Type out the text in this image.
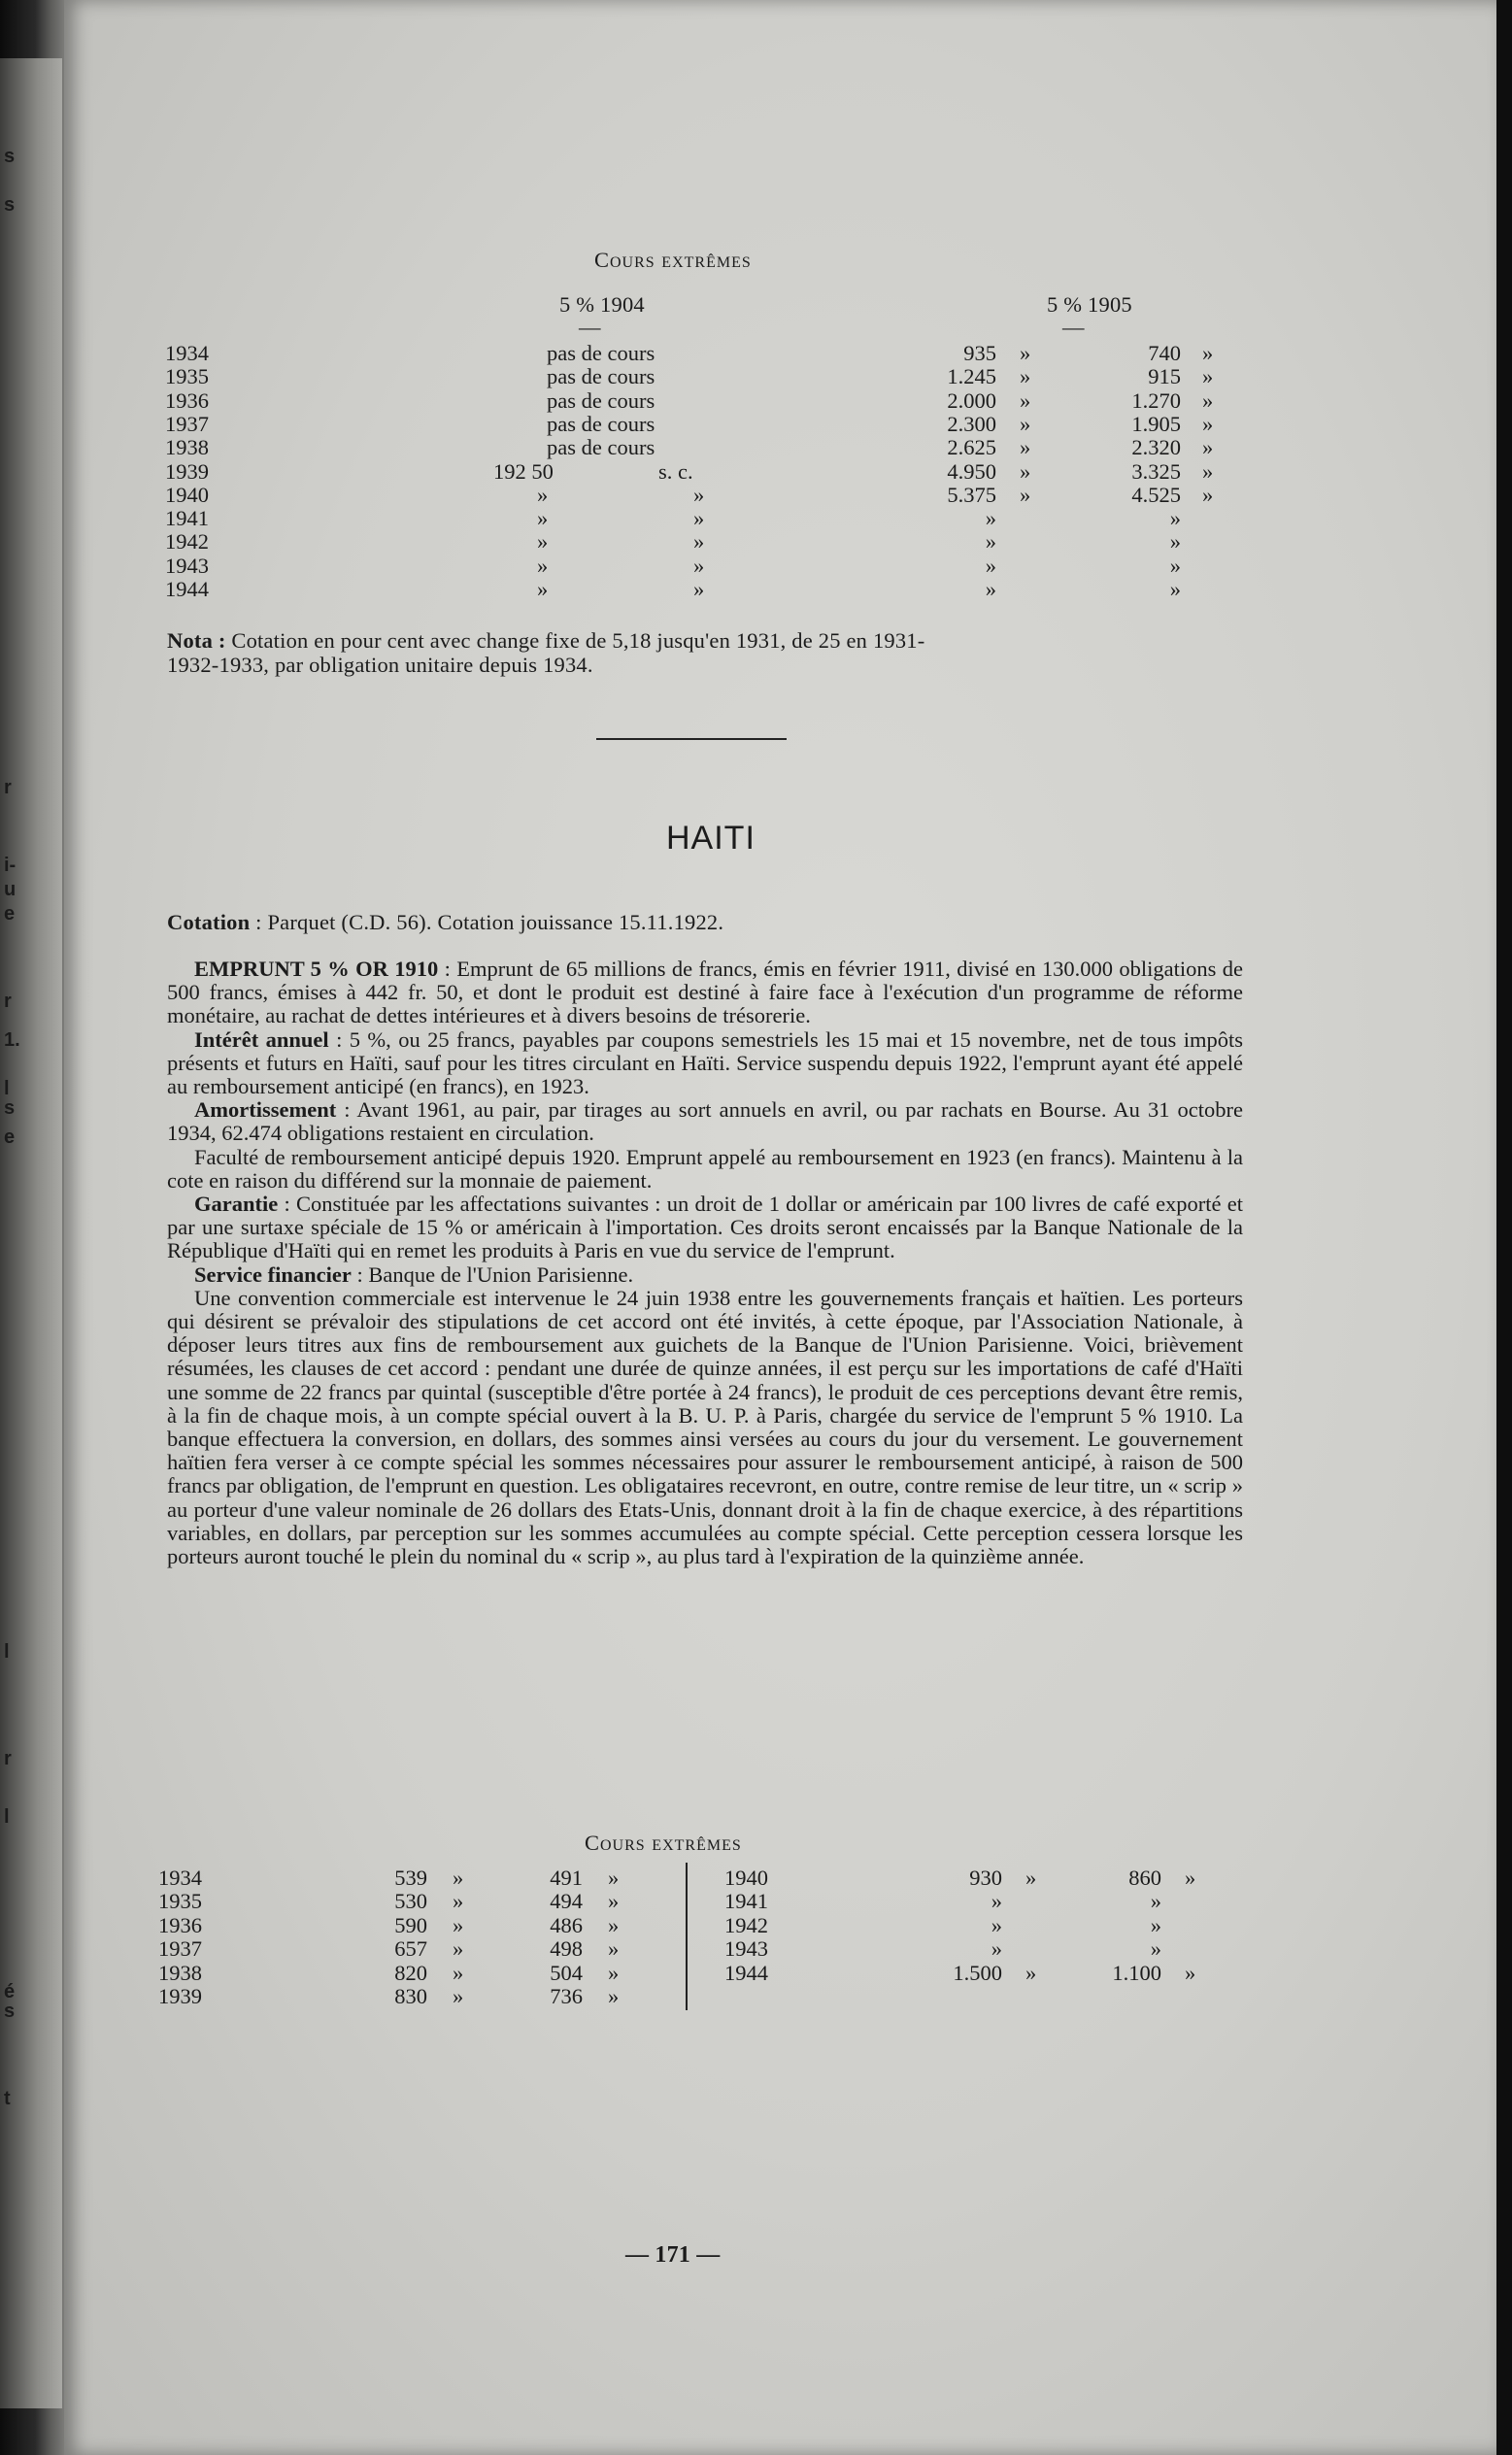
s
s
r
i-
u
e
r
1.
l
s
e
l
r
l
é
s
t
Cours extrêmes
5 % 1904	5 % 1905
—	—
1934	pas de cours	935 »	740 »
1935	pas de cours	1.245 »	915 »
1936	pas de cours	2.000 »	1.270 »
1937	pas de cours	2.300 »	1.905 »
1938	pas de cours	2.625 »	2.320 »
1939	192 50	s. c.	4.950 »	3.325 »
1940	»	»	5.375 »	4.525 »
1941	»	»	»	»
1942	»	»	»	»
1943	»	»	»	»
1944	»	»	»	»
Nota : Cotation en pour cent avec change fixe de 5,18 jusqu'en 1931, de 25 en 1931-
1932-1933, par obligation unitaire depuis 1934.
HAITI
Cotation : Parquet (C.D. 56). Cotation jouissance 15.11.1922.

EMPRUNT 5 % OR 1910 : Emprunt de 65 millions de francs, émis en février 1911, divisé en 130.000 obligations de 500 francs, émises à 442 fr. 50, et dont le produit est destiné à faire face à l'exécution d'un programme de réforme monétaire, au rachat de dettes intérieures et à divers besoins de trésorerie.

Intérêt annuel : 5 %, ou 25 francs, payables par coupons semestriels les 15 mai et 15 novembre, net de tous impôts présents et futurs en Haïti, sauf pour les titres circulant en Haïti. Service suspendu depuis 1922, l'emprunt ayant été appelé au remboursement anticipé (en francs), en 1923.

Amortissement : Avant 1961, au pair, par tirages au sort annuels en avril, ou par rachats en Bourse. Au 31 octobre 1934, 62.474 obligations restaient en circulation.

Faculté de remboursement anticipé depuis 1920. Emprunt appelé au remboursement en 1923 (en francs). Maintenu à la cote en raison du différend sur la monnaie de paiement.

Garantie : Constituée par les affectations suivantes : un droit de 1 dollar or américain par 100 livres de café exporté et par une surtaxe spéciale de 15 % or américain à l'importation. Ces droits seront encaissés par la Banque Nationale de la République d'Haïti qui en remet les produits à Paris en vue du service de l'emprunt.

Service financier : Banque de l'Union Parisienne.

Une convention commerciale est intervenue le 24 juin 1938 entre les gouvernements français et haïtien. Les porteurs qui désirent se prévaloir des stipulations de cet accord ont été invités, à cette époque, par l'Association Nationale, à déposer leurs titres aux fins de remboursement aux guichets de la Banque de l'Union Parisienne. Voici, brièvement résumées, les clauses de cet accord : pendant une durée de quinze années, il est perçu sur les importations de café d'Haïti une somme de 22 francs par quintal (susceptible d'être portée à 24 francs), le produit de ces perceptions devant être remis, à la fin de chaque mois, à un compte spécial ouvert à la B. U. P. à Paris, chargée du service de l'emprunt 5 % 1910. La banque effectuera la conversion, en dollars, des sommes ainsi versées au cours du jour du versement. Le gouvernement haïtien fera verser à ce compte spécial les sommes nécessaires pour assurer le remboursement anticipé, à raison de 500 francs par obligation, de l'emprunt en question. Les obligataires recevront, en outre, contre remise de leur titre, un « scrip » au porteur d'une valeur nominale de 26 dollars des Etats-Unis, donnant droit à la fin de chaque exercice, à des répartitions variables, en dollars, par perception sur les sommes accumulées au compte spécial. Cette perception cessera lorsque les porteurs auront touché le plein du nominal du « scrip », au plus tard à l'expiration de la quinzième année.

Cours extrêmes
1934	539 »	491 »
1935	530 »	494 »
1936	590 »	486 »
1937	657 »	498 »
1938	820 »	504 »
1939	830 »	736 »
1940	930 »	860 »
1941	»	»
1942	»	»
1943	»	»
1944	1.500 »	1.100 »
— 171 —
